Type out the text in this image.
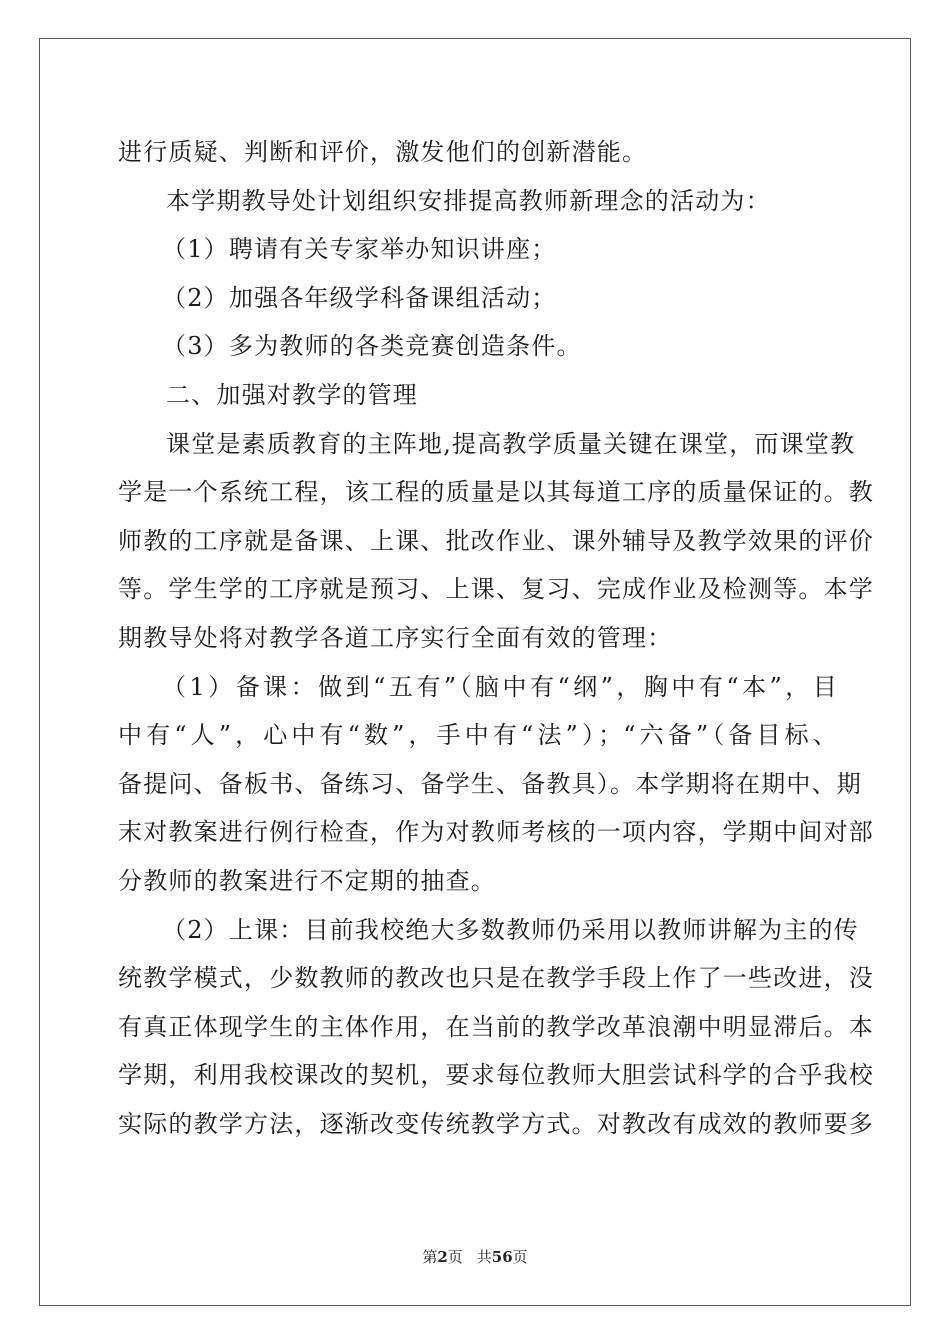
进行质疑、判断和评价，激发他们的创新潜能。
本学期教导处计划组织安排提高教师新理念的活动为：
（1）聘请有关专家举办知识讲座；
（2）加强各年级学科备课组活动；
（3）多为教师的各类竞赛创造条件。
二、加强对教学的管理
课堂是素质教育的主阵地,提高教学质量关键在课堂，而课堂教
学是一个系统工程，该工程的质量是以其每道工序的质量保证的。教
师教的工序就是备课、上课、批改作业、课外辅导及教学效果的评价
等。学生学的工序就是预习、上课、复习、完成作业及检测等。本学
期教导处将对教学各道工序实行全面有效的管理：
（1）备课：做到“五有”（脑中有“纲”，胸中有“本”，目
中有“人”，心中有“数”，手中有“法”）；“六备”（备目标、
备提问、备板书、备练习、备学生、备教具）。本学期将在期中、期
末对教案进行例行检查，作为对教师考核的一项内容，学期中间对部
分教师的教案进行不定期的抽查。
（2）上课：目前我校绝大多数教师仍采用以教师讲解为主的传
统教学模式，少数教师的教改也只是在教学手段上作了一些改进，没
有真正体现学生的主体作用，在当前的教学改革浪潮中明显滞后。本
学期，利用我校课改的契机，要求每位教师大胆尝试科学的合乎我校
实际的教学方法，逐渐改变传统教学方式。对教改有成效的教师要多
第2页 共56页
